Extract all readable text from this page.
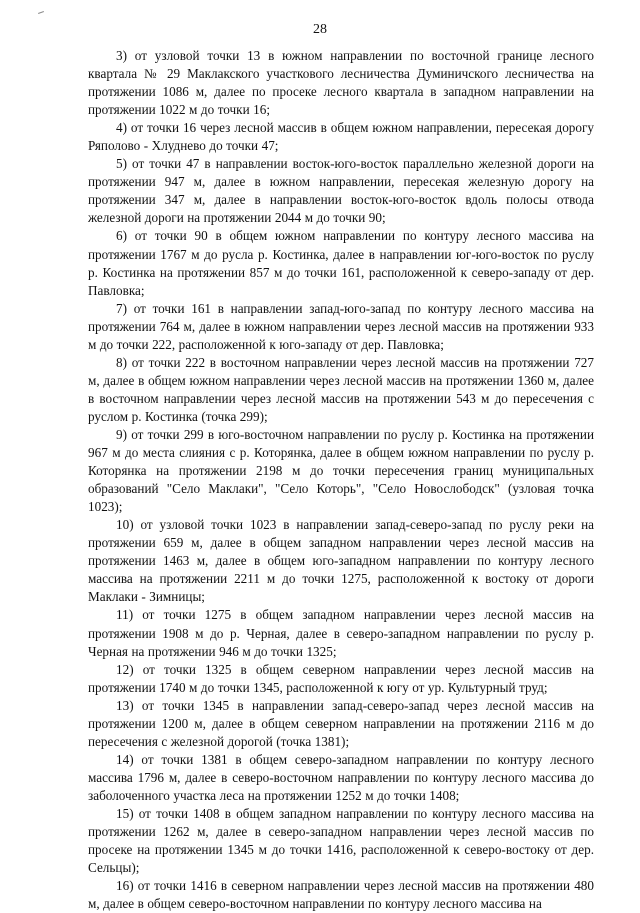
28

3) от узловой точки 13 в южном направлении по восточной границе лесного квартала № 29 Маклакского участкового лесничества Думиничского лесничества на протяжении 1086 м, далее по просеке лесного квартала в западном направлении на протяжении 1022 м до точки 16;

4) от точки 16 через лесной массив в общем южном направлении, пересекая дорогу Ряполово - Хлуднево до точки 47;

5) от точки 47 в направлении восток-юго-восток параллельно железной дороги на протяжении 947 м, далее в южном направлении, пересекая железную дорогу на протяжении 347 м, далее в направлении восток-юго-восток вдоль полосы отвода железной дороги на протяжении 2044 м до точки 90;

6) от точки 90 в общем южном направлении по контуру лесного массива на протяжении 1767 м до русла р. Костинка, далее в направлении юг-юго-восток по руслу р. Костинка на протяжении 857 м до точки 161, расположенной к северо-западу от дер. Павловка;

7) от точки 161 в направлении запад-юго-запад по контуру лесного массива на протяжении 764 м, далее в южном направлении через лесной массив на протяжении 933 м до точки 222, расположенной к юго-западу от дер. Павловка;

8) от точки 222 в восточном направлении через лесной массив на протяжении 727 м, далее в общем южном направлении через лесной массив на протяжении 1360 м, далее в восточном направлении через лесной массив на протяжении 543 м до пересечения с руслом р. Костинка (точка 299);

9) от точки 299 в юго-восточном направлении по руслу р. Костинка на протяжении 967 м до места слияния с р. Которянка, далее в общем южном направлении по руслу р. Которянка на протяжении 2198 м до точки пересечения границ муниципальных образований "Село Маклаки", "Село Которь", "Село Новослободск" (узловая точка 1023);

10) от узловой точки 1023 в направлении запад-северо-запад по руслу реки на протяжении 659 м, далее в общем западном направлении через лесной массив на протяжении 1463 м, далее в общем юго-западном направлении по контуру лесного массива на протяжении 2211 м до точки 1275, расположенной к востоку от дороги Маклаки - Зимницы;

11) от точки 1275 в общем западном направлении через лесной массив на протяжении 1908 м до р. Черная, далее в северо-западном направлении по руслу р. Черная на протяжении 946 м до точки 1325;

12) от точки 1325 в общем северном направлении через лесной массив на протяжении 1740 м до точки 1345, расположенной к югу от ур. Культурный труд;

13) от точки 1345 в направлении запад-северо-запад через лесной массив на протяжении 1200 м, далее в общем северном направлении на протяжении 2116 м до пересечения с железной дорогой (точка 1381);

14) от точки 1381 в общем северо-западном направлении по контуру лесного массива 1796 м, далее в северо-восточном направлении по контуру лесного массива до заболоченного участка леса на протяжении 1252 м до точки 1408;

15) от точки 1408 в общем западном направлении по контуру лесного массива на протяжении 1262 м, далее в северо-западном направлении через лесной массив по просеке на протяжении 1345 м до точки 1416, расположенной к северо-востоку от дер. Сельцы);

16) от точки 1416 в северном направлении через лесной массив на протяжении 480 м, далее в общем северо-восточном направлении по контуру лесного массива на
